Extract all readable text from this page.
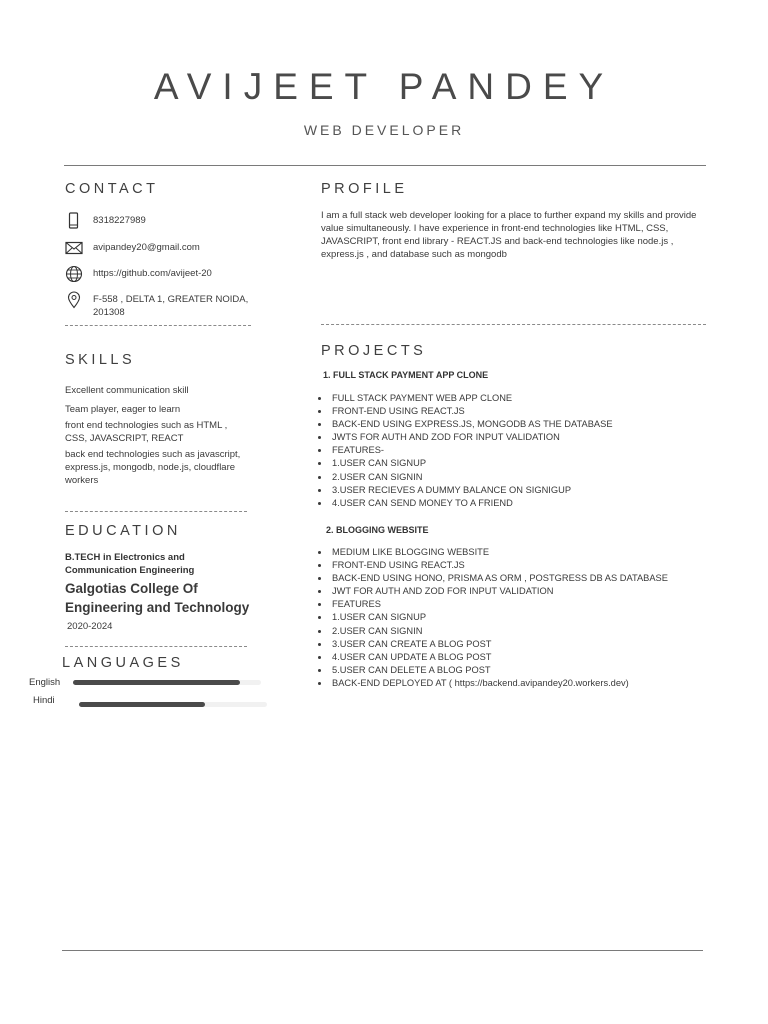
AVIJEET PANDEY
WEB DEVELOPER
CONTACT
8318227989
avipandey20@gmail.com
https://github.com/avijeet-20
F-558 , DELTA 1, GREATER NOIDA, 201308
SKILLS
Excellent communication skill
Team player, eager to learn
front end technologies such as HTML , CSS, JAVASCRIPT, REACT
back end technologies such as javascript, express.js, mongodb, node.js, cloudflare workers
EDUCATION
B.TECH in Electronics and Communication Engineering
Galgotias College Of Engineering and Technology
2020-2024
LANGUAGES
English
Hindi
PROFILE
I am a full stack web developer looking for a place to further expand my skills and provide value simultaneously. I have experience in front-end technologies like HTML, CSS, JAVASCRIPT, front end library - REACT.JS and back-end technologies like node.js , express.js , and database such as mongodb
PROJECTS
1. FULL STACK PAYMENT APP CLONE
• FULL STACK PAYMENT WEB APP CLONE
• FRONT-END USING REACT.JS
• BACK-END USING EXPRESS.JS, MONGODB AS THE DATABASE
• JWTS FOR AUTH AND ZOD FOR INPUT VALIDATION
• FEATURES-
• 1.USER CAN SIGNUP
• 2.USER CAN SIGNIN
• 3.USER RECIEVES A DUMMY BALANCE ON SIGNIGUP
• 4.USER CAN SEND MONEY TO A FRIEND
2. BLOGGING WEBSITE
• MEDIUM LIKE BLOGGING WEBSITE
• FRONT-END USING REACT.JS
• BACK-END USING HONO, PRISMA AS ORM , POSTGRESS DB AS DATABASE
• JWT FOR AUTH AND ZOD FOR INPUT VALIDATION
• FEATURES
• 1.USER CAN SIGNUP
• 2.USER CAN SIGNIN
• 3.USER CAN CREATE A BLOG POST
• 4.USER CAN UPDATE A BLOG POST
• 5.USER CAN DELETE A BLOG POST
• BACK-END DEPLOYED AT ( https://backend.avipandey20.workers.dev)
